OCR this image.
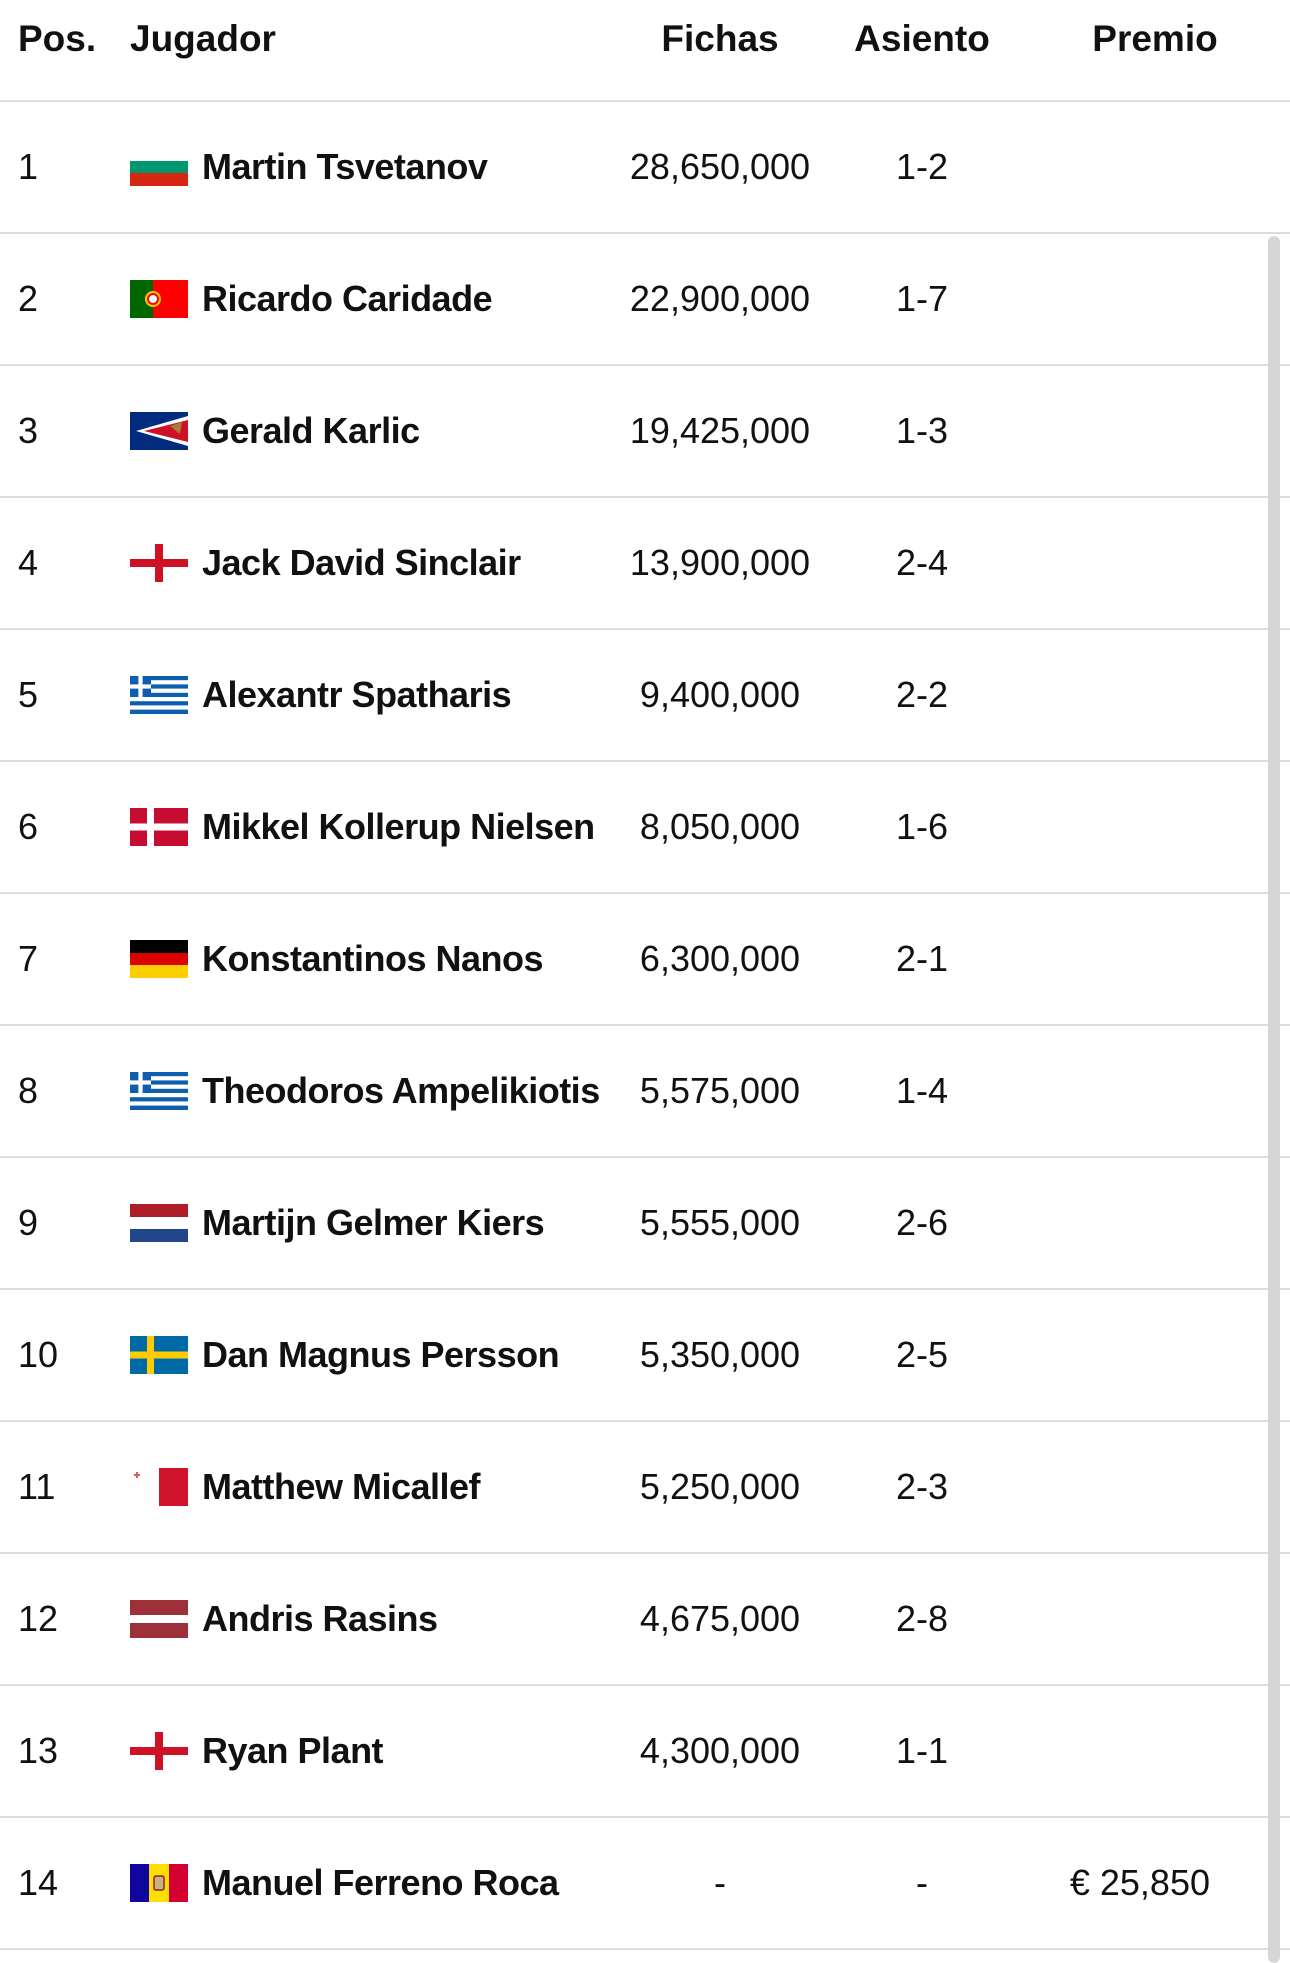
Pos. Jugador	Fichas	Asiento	Premio
1	Martin Tsvetanov	28,650,000	1-2
2	Ricardo Caridade	22,900,000	1-7
3	Gerald Karlic	19,425,000	1-3
4	Jack David Sinclair	13,900,000	2-4
5	Alexantr Spatharis	9,400,000	2-2
6	Mikkel Kollerup Nielsen	8,050,000	1-6
7	Konstantinos Nanos	6,300,000	2-1
8	Theodoros Ampelikiotis	5,575,000	1-4
9	Martijn Gelmer Kiers	5,555,000	2-6
10	Dan Magnus Persson	5,350,000	2-5
11	Matthew Micallef	5,250,000	2-3
12	Andris Rasins	4,675,000	2-8
13	Ryan Plant	4,300,000	1-1
14	Manuel Ferreno Roca	-	-	€ 25,850
